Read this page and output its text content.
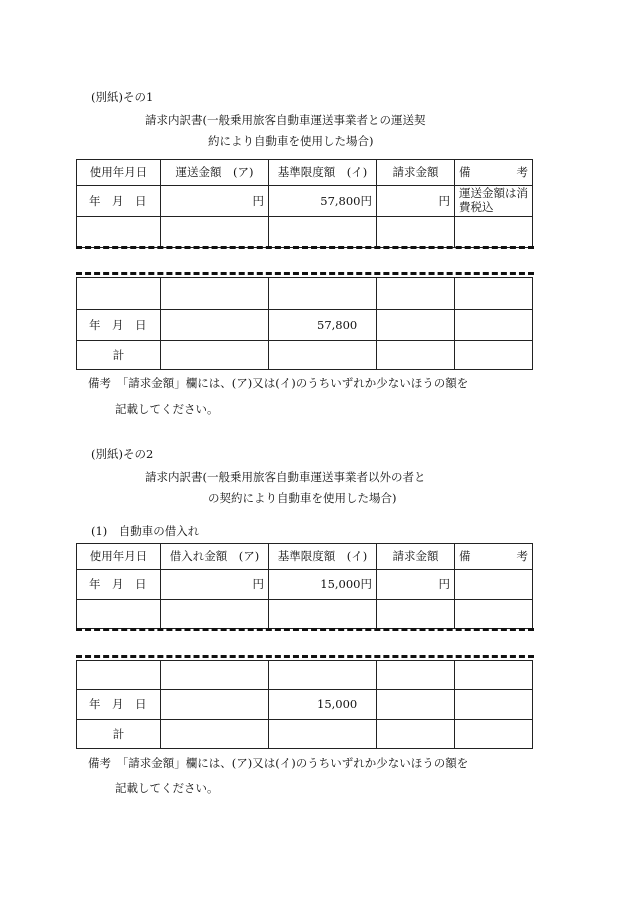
(別紙)その1
請求内訳書(一般乗用旅客自動車運送事業者との運送契
約により自動車を使用した場合)
使用年月日	運送金額　(ア)	基準限度額　(イ)	請求金額	備 考

年　月　日	円	57,800円	円	運送金額は消費税込

年　月　日		57,800		
計				
備考　「請求金額」欄には、(ア)又は(イ)のうちいずれか少ないほうの額を
記載してください。
(別紙)その2
請求内訳書(一般乗用旅客自動車運送事業者以外の者と
の契約により自動車を使用した場合)
(1)　自動車の借入れ
使用年月日	借入れ金額　(ア)	基準限度額　(イ)	請求金額	備 考

年　月　日	円	15,000円	円	

年　月　日		15,000		
計				
備考　「請求金額」欄には、(ア)又は(イ)のうちいずれか少ないほうの額を
記載してください。
